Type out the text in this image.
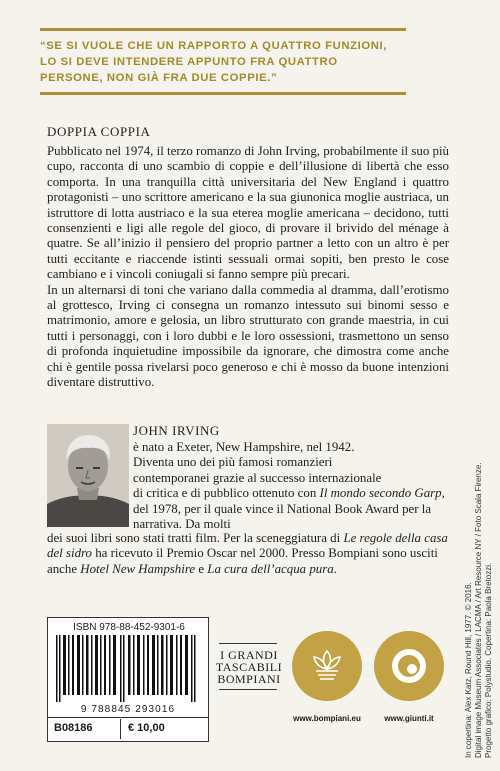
“SE SI VUOLE CHE UN RAPPORTO A QUATTRO FUNZIONI,
LO SI DEVE INTENDERE APPUNTO FRA QUATTRO
PERSONE, NON GIÀ FRA DUE COPPIE.”
DOPPIA COPPIA

Pubblicato nel 1974, il terzo romanzo di John Irving, probabilmente il suo più cupo, racconta di uno scambio di coppie e dell’illusione di libertà che esso comporta. In una tranquilla città universitaria del New England i quattro protagonisti – uno scrittore americano e la sua giunonica moglie austriaca, un istruttore di lotta austriaco e la sua eterea moglie americana – decidono, tutti consenzienti e ligi alle regole del gioco, di provare il brivido del ménage à quatre. Se all’inizio il pensiero del proprio partner a letto con un altro è per tutti eccitante e riaccende istinti sessuali ormai sopiti, ben presto le cose cambiano e i vincoli coniugali si fanno sempre più precari.

In un alternarsi di toni che variano dalla commedia al dramma, dall’erotismo al grottesco, Irving ci consegna un romanzo intessuto sui binomi sesso e matrimonio, amore e gelosia, un libro strutturato con grande maestria, in cui tutti i personaggi, con i loro dubbi e le loro ossessioni, trasmettono un senso di profonda inquietudine impossibile da ignorare, che dimostra come anche chi è gentile possa rivelarsi poco generoso e chi è mosso da buone intenzioni diventare distruttivo.

JOHN IRVING

è nato a Exeter, New Hampshire, nel 1942.

Diventa uno dei più famosi romanzieri

contemporanei grazie al successo internazionale

di critica e di pubblico ottenuto con Il mondo secondo Garp, del 1978, per il quale vince il National Book Award per la narrativa. Da molti

dei suoi libri sono stati tratti film. Per la sceneggiatura di Le regole della casa del sidro ha ricevuto il Premio Oscar nel 2000. Presso Bompiani sono usciti anche Hotel New Hampshire e La cura dell’acqua pura.

In copertina: Alex Katz, Round Hill, 1977. © 2016. Digital image Museum Associates / LACMA / Art Resource NY / Foto Scala Firenze. Progetto grafico: Polystudio. Copertina: Paola Bretozzi.
ISBN 978-88-452-9301-6
9 788845 293016
B08186	€ 10,00
I GRANDI
TASCABILI
BOMPIANI
www.bompiani.eu	www.giunti.it
